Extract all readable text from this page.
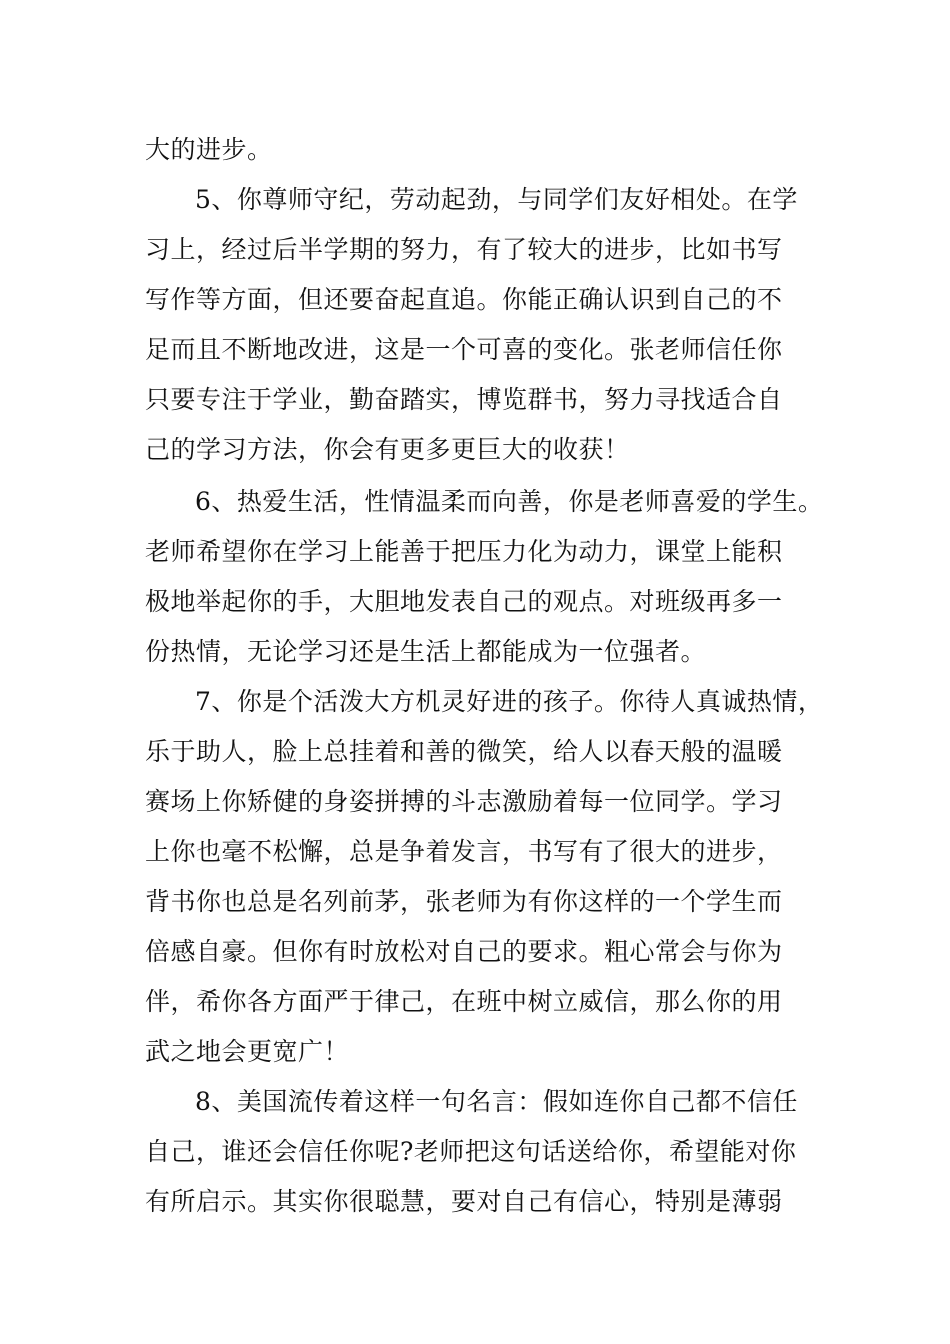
大的进步。
5、你尊师守纪，劳动起劲，与同学们友好相处。在学
习上，经过后半学期的努力，有了较大的进步，比如书写
写作等方面，但还要奋起直追。你能正确认识到自己的不
足而且不断地改进，这是一个可喜的变化。张老师信任你
只要专注于学业，勤奋踏实，博览群书，努力寻找适合自
己的学习方法，你会有更多更巨大的收获！
6、热爱生活，性情温柔而向善，你是老师喜爱的学生。
老师希望你在学习上能善于把压力化为动力，课堂上能积
极地举起你的手，大胆地发表自己的观点。对班级再多一
份热情，无论学习还是生活上都能成为一位强者。
7、你是个活泼大方机灵好进的孩子。你待人真诚热情，
乐于助人，脸上总挂着和善的微笑，给人以春天般的温暖
赛场上你矫健的身姿拼搏的斗志激励着每一位同学。学习
上你也毫不松懈，总是争着发言，书写有了很大的进步，
背书你也总是名列前茅，张老师为有你这样的一个学生而
倍感自豪。但你有时放松对自己的要求。粗心常会与你为
伴，希你各方面严于律己，在班中树立威信，那么你的用
武之地会更宽广！
8、美国流传着这样一句名言：假如连你自己都不信任
自己，谁还会信任你呢?老师把这句话送给你，希望能对你
有所启示。其实你很聪慧，要对自己有信心，特别是薄弱
